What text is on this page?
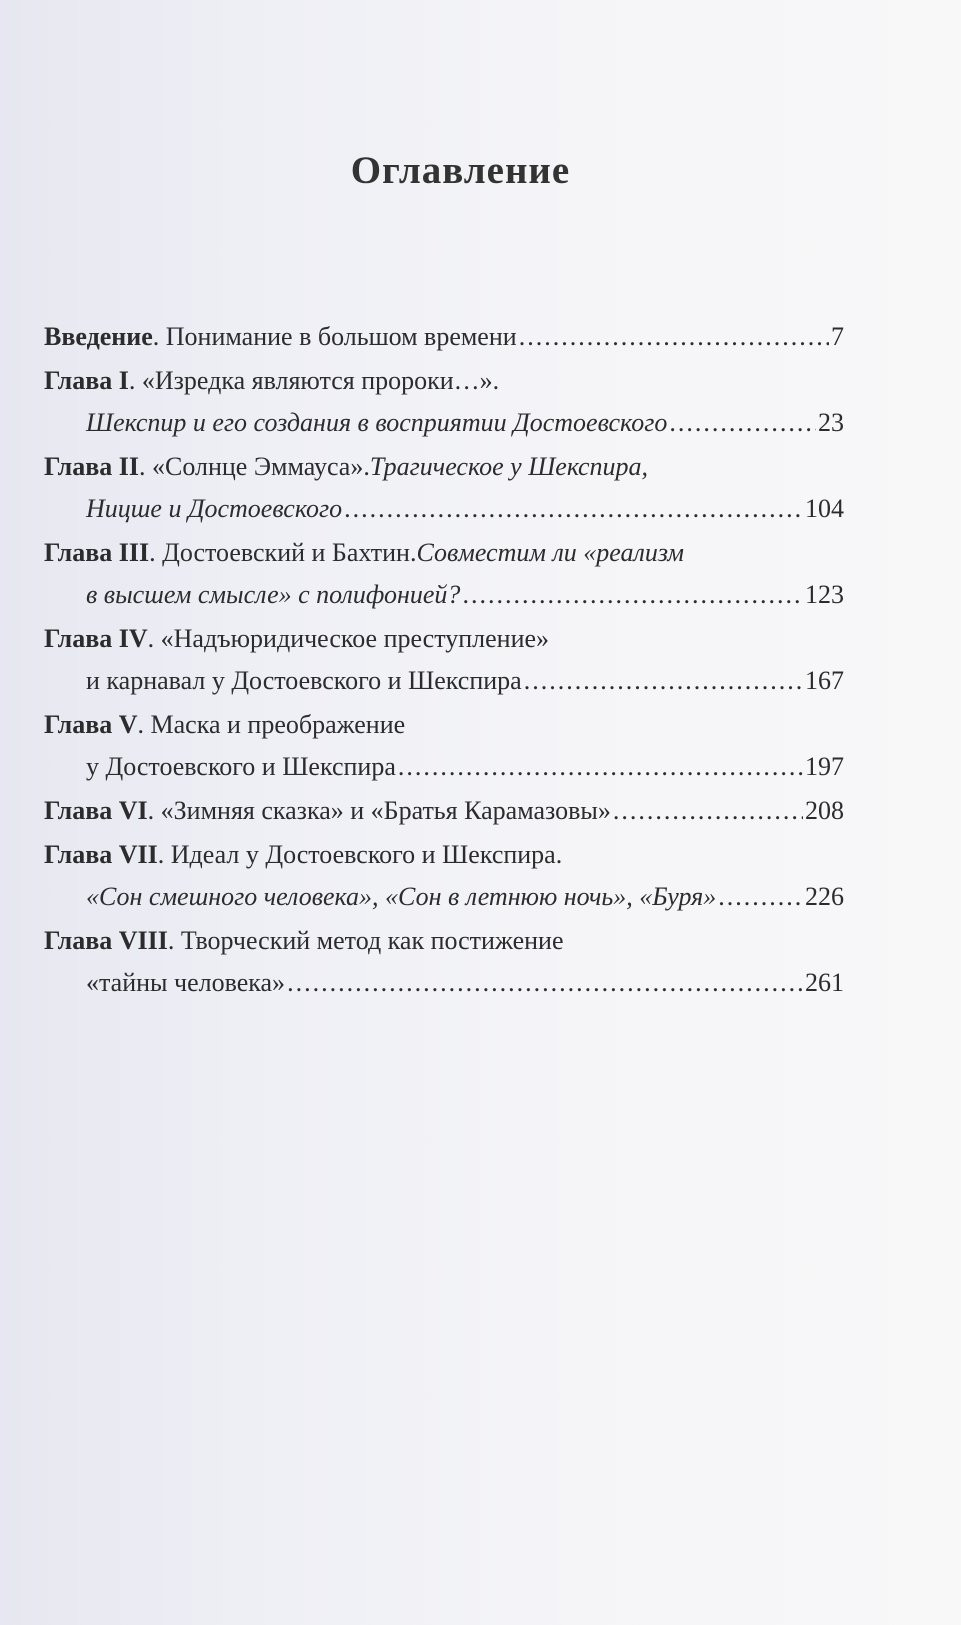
Оглавление
Введение . Понимание в большом времени .....	7
Глава I . «Изредка являются пророки…».
Шекспир и его создания в восприятии Достоевского .....	23
Глава II . «Солнце Эммауса». Трагическое у Шекспира,
Ницше и Достоевского .....	104
Глава III . Достоевский и Бахтин. Совместим ли «реализм
в высшем смысле» с полифонией? .....	123
Глава IV . «Надъюридическое преступление»
и карнавал у Достоевского и Шекспира .....	167
Глава V . Маска и преображение
у Достоевского и Шекспира .....	197
Глава VI . «Зимняя сказка» и «Братья Карамазовы» .....	208
Глава VII . Идеал у Достоевского и Шекспира.
«Сон смешного человека», «Сон в летнюю ночь», «Буря» .....	226
Глава VIII . Творческий метод как постижение
«тайны человека» .....	261
